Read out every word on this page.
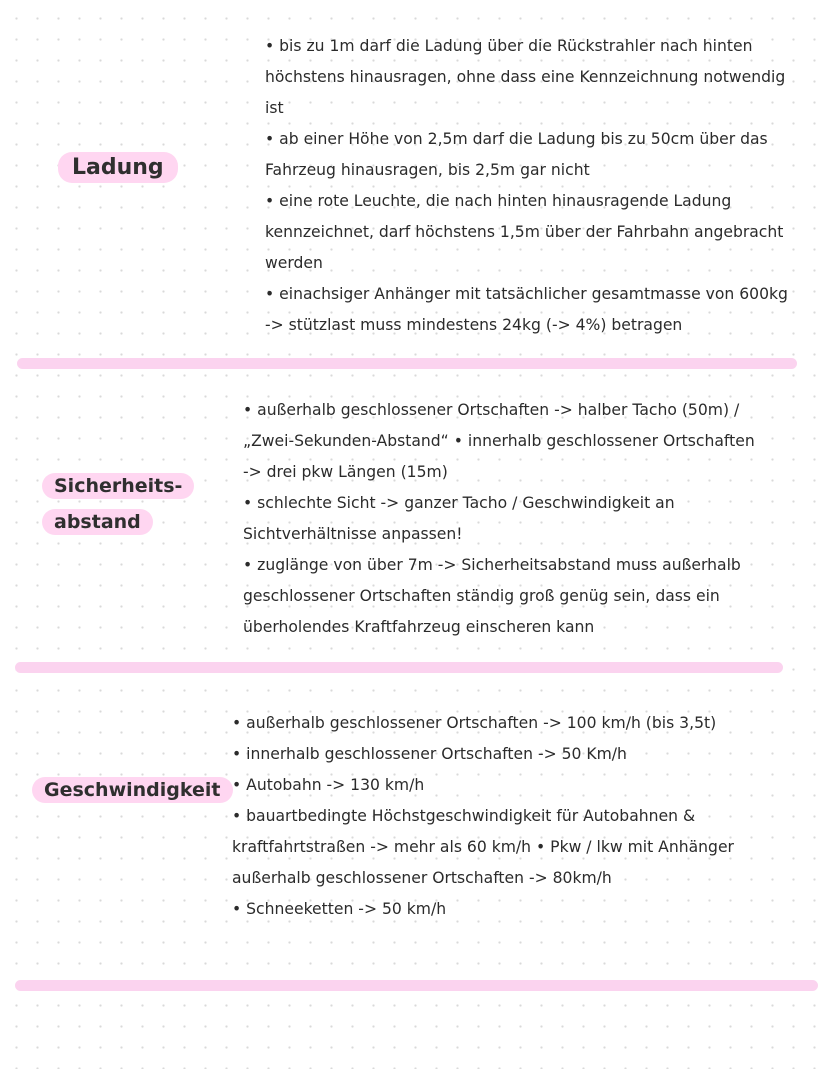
Ladung
• bis zu 1m darf die Ladung über die Rückstrahler nach hinten
höchstens hinausragen, ohne dass eine Kennzeichnung notwendig
ist
• ab einer Höhe von 2,5m darf die Ladung bis zu 50cm über das
Fahrzeug hinausragen, bis 2,5m gar nicht
• eine rote Leuchte, die nach hinten hinausragende Ladung
kennzeichnet, darf höchstens 1,5m über der Fahrbahn angebracht
werden
• einachsiger Anhänger mit tatsächlicher gesamtmasse von 600kg
-> stützlast muss mindestens 24kg (-> 4%) betragen
Sicherheits-
abstand
• außerhalb geschlossener Ortschaften -> halber Tacho (50m) /
„Zwei-Sekunden-Abstand“ • innerhalb geschlossener Ortschaften
-> drei pkw Längen (15m)
• schlechte Sicht -> ganzer Tacho / Geschwindigkeit an
Sichtverhältnisse anpassen!
• zuglänge von über 7m -> Sicherheitsabstand muss außerhalb
geschlossener Ortschaften ständig groß genüg sein, dass ein
überholendes Kraftfahrzeug einscheren kann
Geschwindigkeit
• außerhalb geschlossener Ortschaften -> 100 km/h (bis 3,5t)
• innerhalb geschlossener Ortschaften -> 50 Km/h
• Autobahn -> 130 km/h
• bauartbedingte Höchstgeschwindigkeit für Autobahnen &
kraftfahrtstraßen -> mehr als 60 km/h • Pkw / lkw mit Anhänger
außerhalb geschlossener Ortschaften -> 80km/h
• Schneeketten -> 50 km/h
